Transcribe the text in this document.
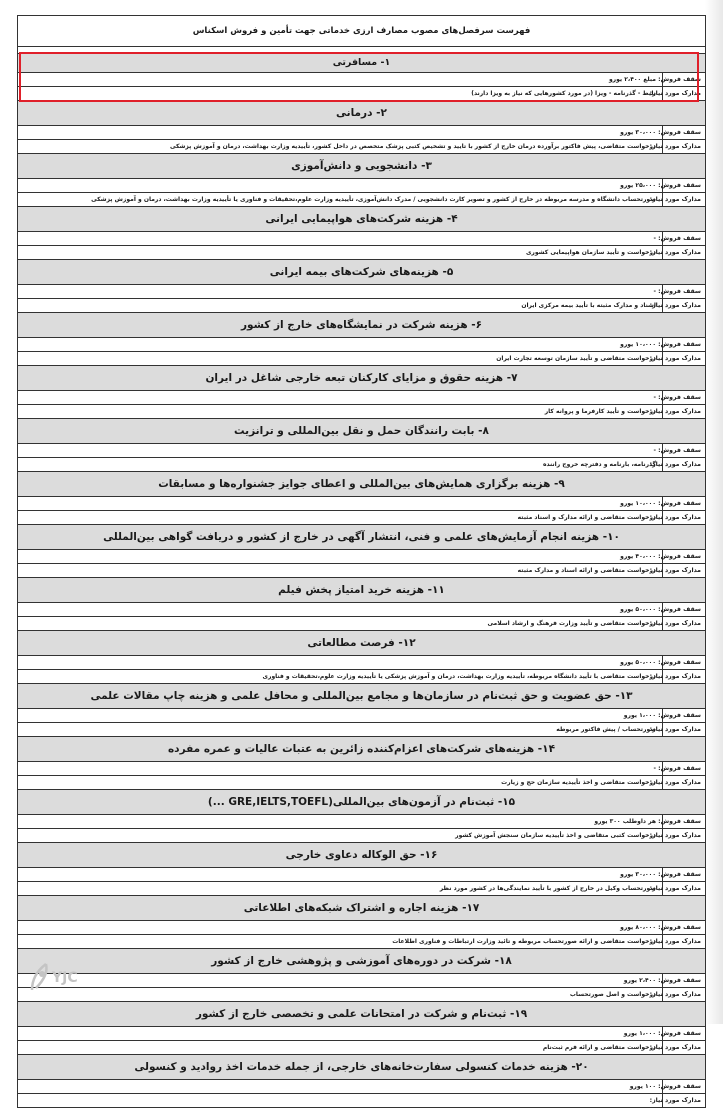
فهرست سرفصل‌های مصوب مصارف ارزی خدماتی جهت تأمین و فروش اسکناس
۱- مسافرتی
سقف فروش:
مبلغ ۲،۴۰۰ یورو
مدارک مورد نیاز:
بلیط - گذرنامه - ویزا (در مورد کشورهایی که نیاز به ویزا دارند)
۲- درمانی
سقف فروش:
۳۰،۰۰۰ یورو
مدارک مورد نیاز:
درخواست متقاضی، پیش فاکتور برآورده درمان خارج از کشور با تایید و تشخیص کتبی پزشک متخصص در داخل کشور، تأییدیه وزارت بهداشت، درمان و آموزش پزشکی
۳- دانشجویی و دانش‌آموزی
سقف فروش:
۲۵،۰۰۰ یورو
مدارک مورد نیاز:
صورتحساب دانشگاه و مدرسه مربوطه در خارج از کشور و تصویر کارت دانشجویی / مدرک دانش‌آموزی، تأییدیه وزارت علوم،تحقیقات و فناوری یا تأییدیه وزارت بهداشت، درمان و آموزش پزشکی
۴- هزینه شرکت‌های هواپیمایی ایرانی
سقف فروش:
-
مدارک مورد نیاز:
درخواست و تأیید سازمان هواپیمایی کشوری
۵- هزینه‌های شرکت‌های بیمه ایرانی
سقف فروش:
-
مدارک مورد نیاز:
اسناد و مدارک مثبته با تأیید بیمه مرکزی ایران
۶- هزینه شرکت در نمایشگاه‌های خارج از کشور
سقف فروش:
۱۰،۰۰۰ یورو
مدارک مورد نیاز:
درخواست متقاضی و تأیید سازمان توسعه تجارت ایران
۷- هزینه حقوق و مزایای کارکنان تبعه خارجی شاغل در ایران
سقف فروش:
-
مدارک مورد نیاز:
درخواست و تأیید کارفرما و پروانه کار
۸- بابت رانندگان حمل و نقل بین‌المللی و ترانزیت
سقف فروش:
-
مدارک مورد نیاز:
گذرنامه، بارنامه و دفترچه خروج راننده
۹- هزینه برگزاری همایش‌های بین‌المللی و اعطای جوایز جشنواره‌ها و مسابقات
سقف فروش:
۱۰،۰۰۰ یورو
مدارک مورد نیاز:
درخواست متقاضی و ارائه مدارک و اسناد مثبته
۱۰- هزینه انجام آزمایش‌های علمی و فنی، انتشار آگهی در خارج از کشور و دریافت گواهی بین‌المللی
سقف فروش:
۴۰،۰۰۰ یورو
مدارک مورد نیاز:
درخواست متقاضی و ارائه اسناد و مدارک مثبته
۱۱- هزینه خرید امتیاز پخش فیلم
سقف فروش:
۵۰،۰۰۰ یورو
مدارک مورد نیاز:
درخواست متقاضی و تأیید وزارت فرهنگ و ارشاد اسلامی
۱۲- فرصت مطالعاتی
سقف فروش:
۵۰،۰۰۰ یورو
مدارک مورد نیاز:
درخواست متقاضی با تأیید دانشگاه مربوطه، تأییدیه وزارت بهداشت، درمان و آموزش پزشکی یا تأییدیه وزارت علوم،تحقیقات و فناوری
۱۳- حق عضویت و حق ثبت‌نام در سازمان‌ها و مجامع بین‌المللی و محافل علمی و هزینه چاپ مقالات علمی
سقف فروش:
۱،۰۰۰ یورو
مدارک مورد نیاز:
صورتحساب / پیش فاکتور مربوطه
۱۴- هزینه‌های شرکت‌های اعزام‌کننده زائرین به عتبات عالیات و عمره مفرده
سقف فروش:
-
مدارک مورد نیاز:
درخواست متقاضی و اخذ تأییدیه سازمان حج و زیارت
۱۵- ثبت‌نام در آزمون‌های بین‌المللی(GRE,IELTS,TOEFL ...)
سقف فروش:
هر داوطلب ۳۰۰ یورو
مدارک مورد نیاز:
درخواست کتبی متقاضی و اخذ تأییدیه سازمان سنجش آموزش کشور
۱۶- حق الوکاله دعاوی خارجی
سقف فروش:
۳۰،۰۰۰ یورو
مدارک مورد نیاز:
صورتحساب وکیل در خارج از کشور با تأیید نمایندگی‌ها در کشور مورد نظر
۱۷- هزینه اجاره و اشتراک شبکه‌های اطلاعاتی
سقف فروش:
۸۰،۰۰۰ یورو
مدارک مورد نیاز:
درخواست متقاضی و ارائه صورتحساب مربوطه و تائید وزارت ارتباطات و فناوری اطلاعات
۱۸- شرکت در دوره‌های آموزشی و پژوهشی خارج از کشور
سقف فروش:
۲،۴۰۰ یورو
مدارک مورد نیاز:
درخواست و اصل صورتحساب
۱۹- ثبت‌نام و شرکت در امتحانات علمی و تخصصی خارج از کشور
سقف فروش:
۱،۰۰۰ یورو
مدارک مورد نیاز:
درخواست متقاضی و ارائه فرم ثبت‌نام
۲۰- هزینه خدمات کنسولی سفارت‌خانه‌های خارجی، از جمله خدمات اخذ روادید و کنسولی
سقف فروش:
۱۰۰ یورو
مدارک مورد نیاز:
YJC
